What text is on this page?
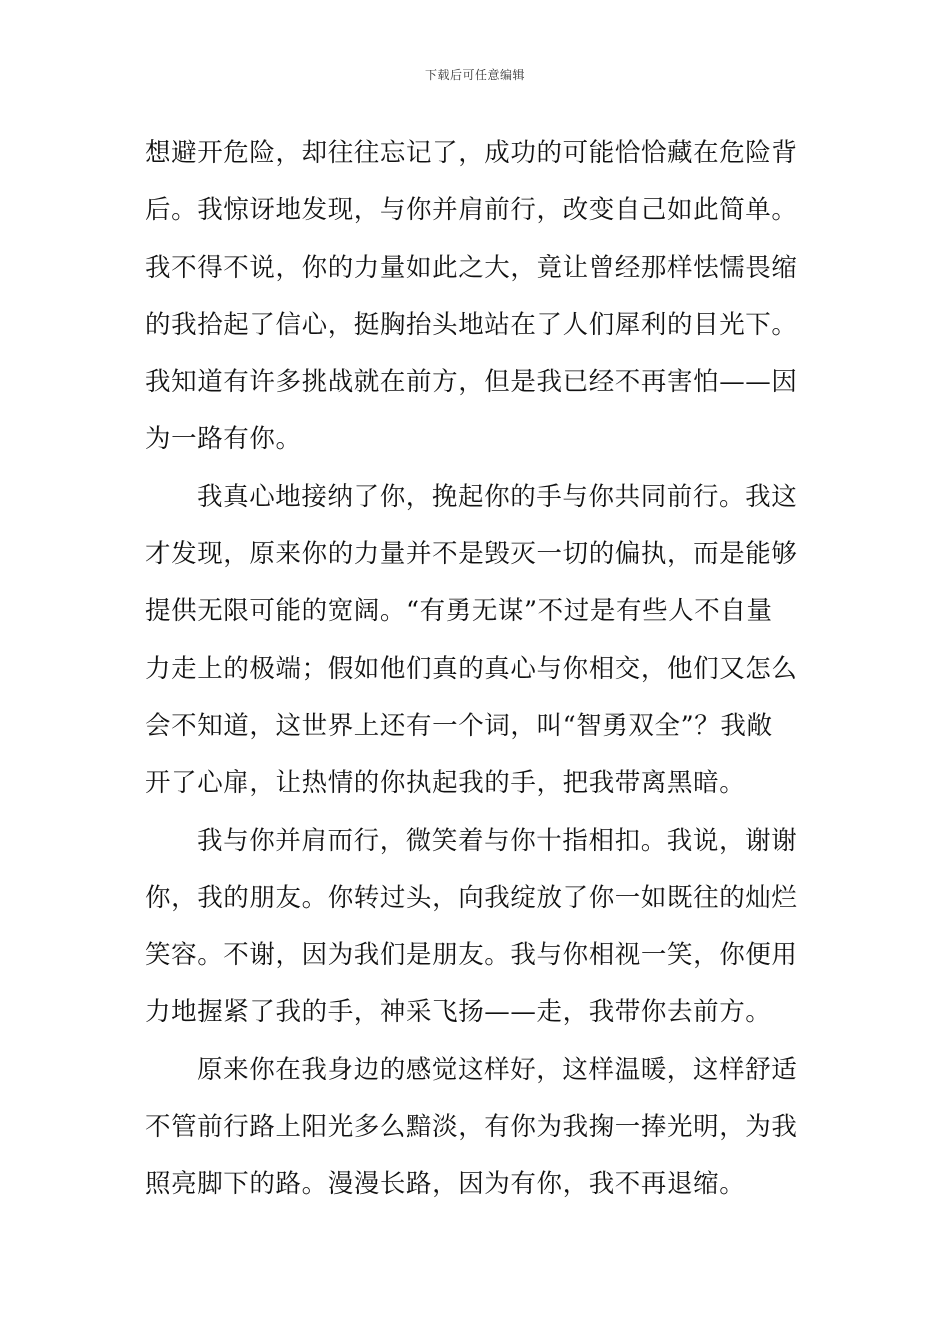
下载后可任意编辑
想避开危险，却往往忘记了，成功的可能恰恰藏在危险背
后。我惊讶地发现，与你并肩前行，改变自己如此简单。
我不得不说，你的力量如此之大，竟让曾经那样怯懦畏缩
的我拾起了信心，挺胸抬头地站在了人们犀利的目光下。
我知道有许多挑战就在前方，但是我已经不再害怕——因
为一路有你。
我真心地接纳了你，挽起你的手与你共同前行。我这
才发现，原来你的力量并不是毁灭一切的偏执，而是能够
提供无限可能的宽阔。“有勇无谋”不过是有些人不自量
力走上的极端；假如他们真的真心与你相交，他们又怎么
会不知道，这世界上还有一个词，叫“智勇双全”？我敞
开了心扉，让热情的你执起我的手，把我带离黑暗。
我与你并肩而行，微笑着与你十指相扣。我说，谢谢
你，我的朋友。你转过头，向我绽放了你一如既往的灿烂
笑容。不谢，因为我们是朋友。我与你相视一笑，你便用
力地握紧了我的手，神采飞扬——走，我带你去前方。
原来你在我身边的感觉这样好，这样温暖，这样舒适
不管前行路上阳光多么黯淡，有你为我掬一捧光明，为我
照亮脚下的路。漫漫长路，因为有你，我不再退缩。
